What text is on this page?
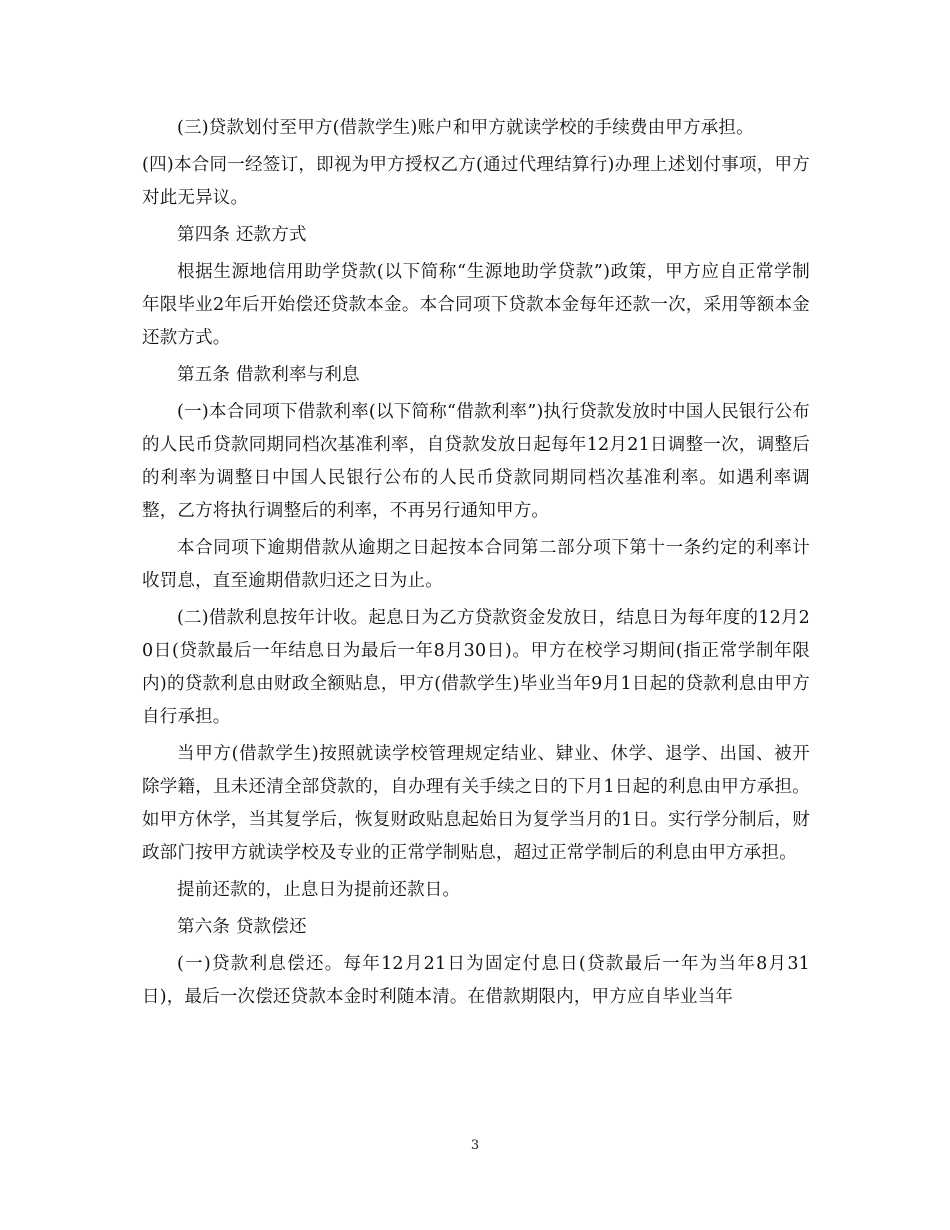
(三)贷款划付至甲方(借款学生)账户和甲方就读学校的手续费由甲方承担。

(四)本合同一经签订，即视为甲方授权乙方(通过代理结算行)办理上述划付事项，甲方对此无异议。

第四条 还款方式

根据生源地信用助学贷款(以下简称“生源地助学贷款”)政策，甲方应自正常学制年限毕业2年后开始偿还贷款本金。本合同项下贷款本金每年还款一次，采用等额本金还款方式。

第五条 借款利率与利息

(一)本合同项下借款利率(以下简称“借款利率”)执行贷款发放时中国人民银行公布的人民币贷款同期同档次基准利率，自贷款发放日起每年12月21日调整一次，调整后的利率为调整日中国人民银行公布的人民币贷款同期同档次基准利率。如遇利率调整，乙方将执行调整后的利率，不再另行通知甲方。

本合同项下逾期借款从逾期之日起按本合同第二部分项下第十一条约定的利率计收罚息，直至逾期借款归还之日为止。

(二)借款利息按年计收。起息日为乙方贷款资金发放日，结息日为每年度的12月20日(贷款最后一年结息日为最后一年8月30日)。甲方在校学习期间(指正常学制年限内)的贷款利息由财政全额贴息，甲方(借款学生)毕业当年9月1日起的贷款利息由甲方自行承担。

当甲方(借款学生)按照就读学校管理规定结业、肄业、休学、退学、出国、被开除学籍，且未还清全部贷款的，自办理有关手续之日的下月1日起的利息由甲方承担。如甲方休学，当其复学后，恢复财政贴息起始日为复学当月的1日。实行学分制后，财政部门按甲方就读学校及专业的正常学制贴息，超过正常学制后的利息由甲方承担。

提前还款的，止息日为提前还款日。

第六条 贷款偿还

(一)贷款利息偿还。每年12月21日为固定付息日(贷款最后一年为当年8月31日)，最后一次偿还贷款本金时利随本清。在借款期限内，甲方应自毕业当年

3
